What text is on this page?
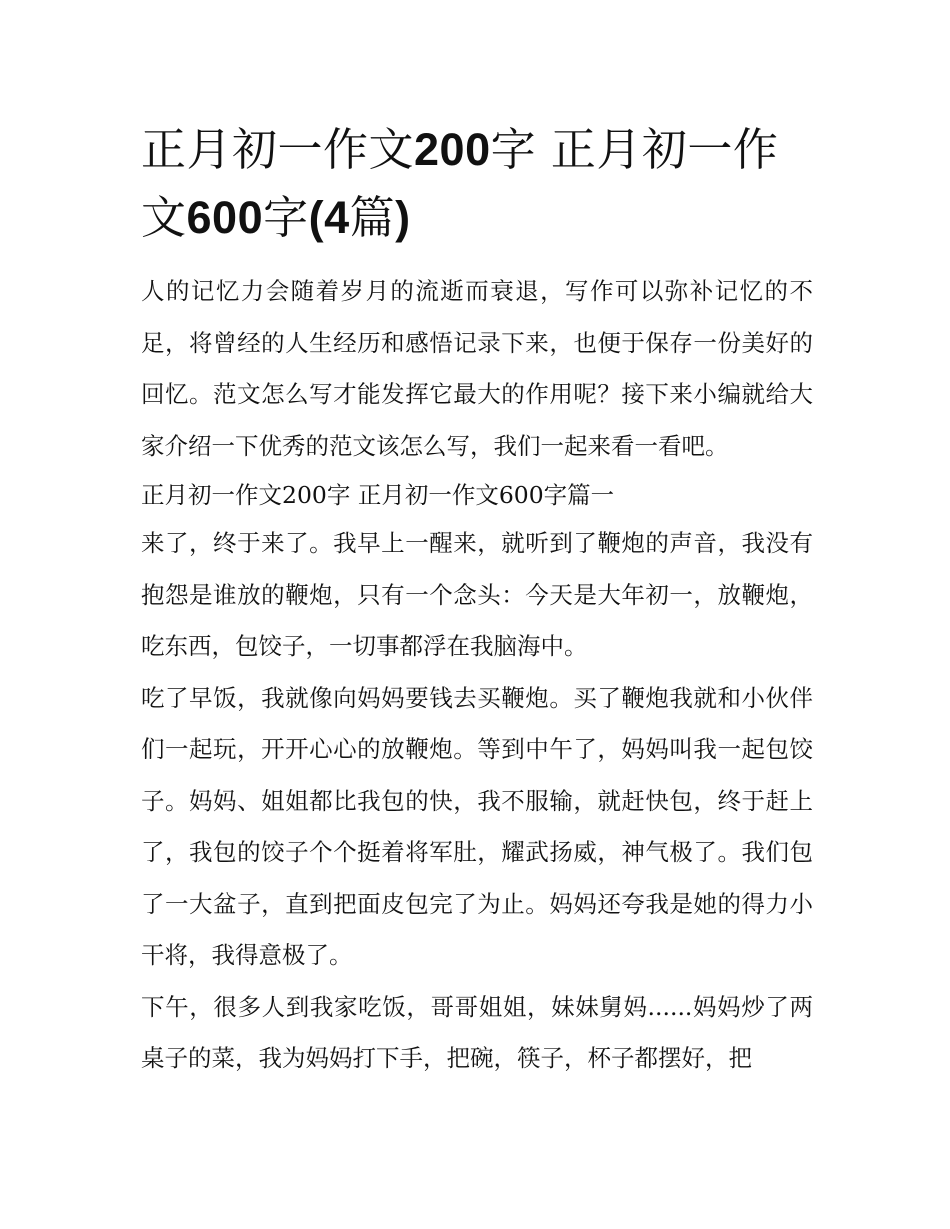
正月初一作文200字 正月初一作文600字(4篇)

人的记忆力会随着岁月的流逝而衰退，写作可以弥补记忆的不足，将曾经的人生经历和感悟记录下来，也便于保存一份美好的回忆。范文怎么写才能发挥它最大的作用呢？接下来小编就给大家介绍一下优秀的范文该怎么写，我们一起来看一看吧。

正月初一作文200字 正月初一作文600字篇一

来了，终于来了。我早上一醒来，就听到了鞭炮的声音，我没有抱怨是谁放的鞭炮，只有一个念头：今天是大年初一，放鞭炮，吃东西，包饺子，一切事都浮在我脑海中。

吃了早饭，我就像向妈妈要钱去买鞭炮。买了鞭炮我就和小伙伴们一起玩，开开心心的放鞭炮。等到中午了，妈妈叫我一起包饺子。妈妈、姐姐都比我包的快，我不服输，就赶快包，终于赶上了，我包的饺子个个挺着将军肚，耀武扬威，神气极了。我们包了一大盆子，直到把面皮包完了为止。妈妈还夸我是她的得力小干将，我得意极了。

下午，很多人到我家吃饭，哥哥姐姐，妹妹舅妈......妈妈炒了两桌子的菜，我为妈妈打下手，把碗，筷子，杯子都摆好，把
